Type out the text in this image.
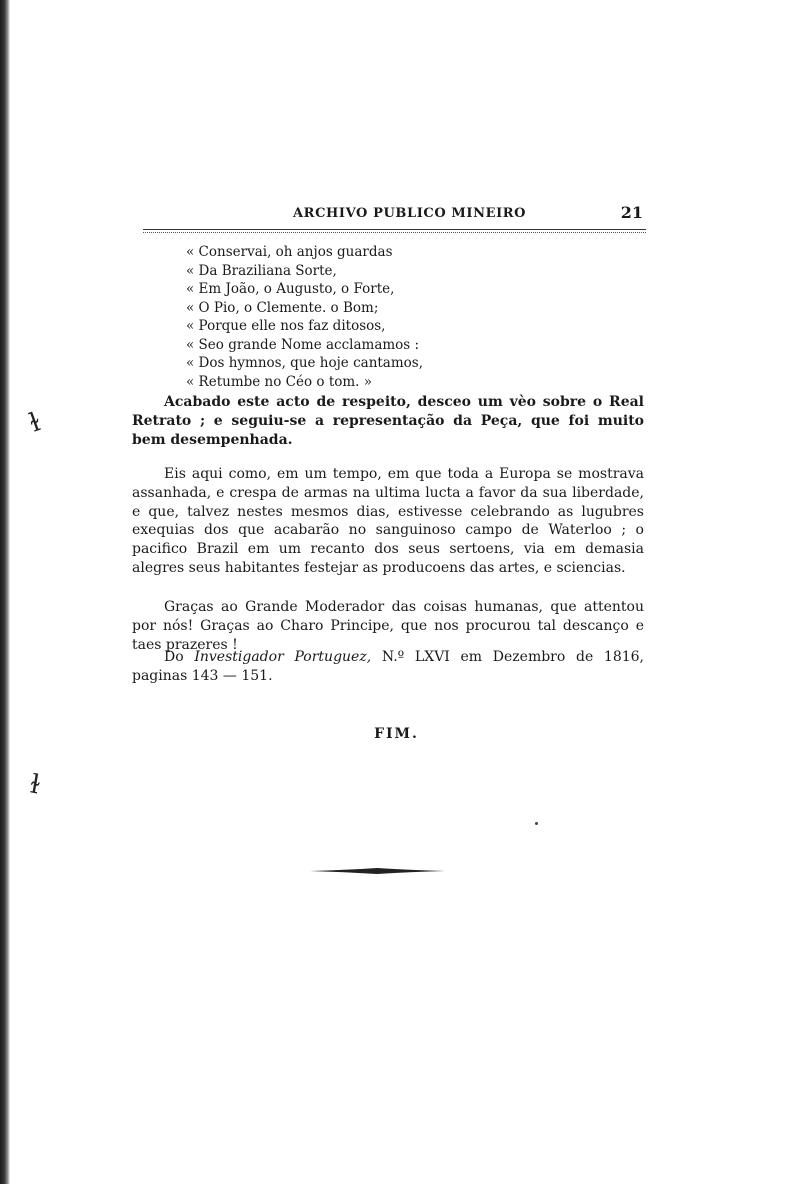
ɫ
ɫ
ARCHIVO PUBLICO MINEIRO	21
« Conservai, oh anjos guardas
« Da Braziliana Sorte,
« Em João, o Augusto, o Forte,
« O Pio, o Clemente. o Bom;
« Porque elle nos faz ditosos,
« Seo grande Nome acclamamos :
« Dos hymnos, que hoje cantamos,
« Retumbe no Céo o tom. »

Acabado este acto de respeito, desceo um vèo sobre o Real Retrato ; e seguiu-se a representação da Peça, que foi muito bem desempenhada.

Eis aqui como, em um tempo, em que toda a Europa se mostrava assanhada, e crespa de armas na ultima lucta a favor da sua liberdade, e que, talvez nestes mesmos dias, estivesse celebrando as lugubres exequias dos que acabarão no sanguinoso campo de Waterloo ; o pacifico Brazil em um recanto dos seus sertoens, via em demasia alegres seus habitantes festejar as producoens das artes, e sciencias.

Graças ao Grande Moderador das coisas humanas, que attentou por nós! Graças ao Charo Principe, que nos procurou tal descanço e taes prazeres !

Do Investigador Portuguez, N.º LXVI em Dezembro de 1816, paginas 143 — 151.

FIM.
